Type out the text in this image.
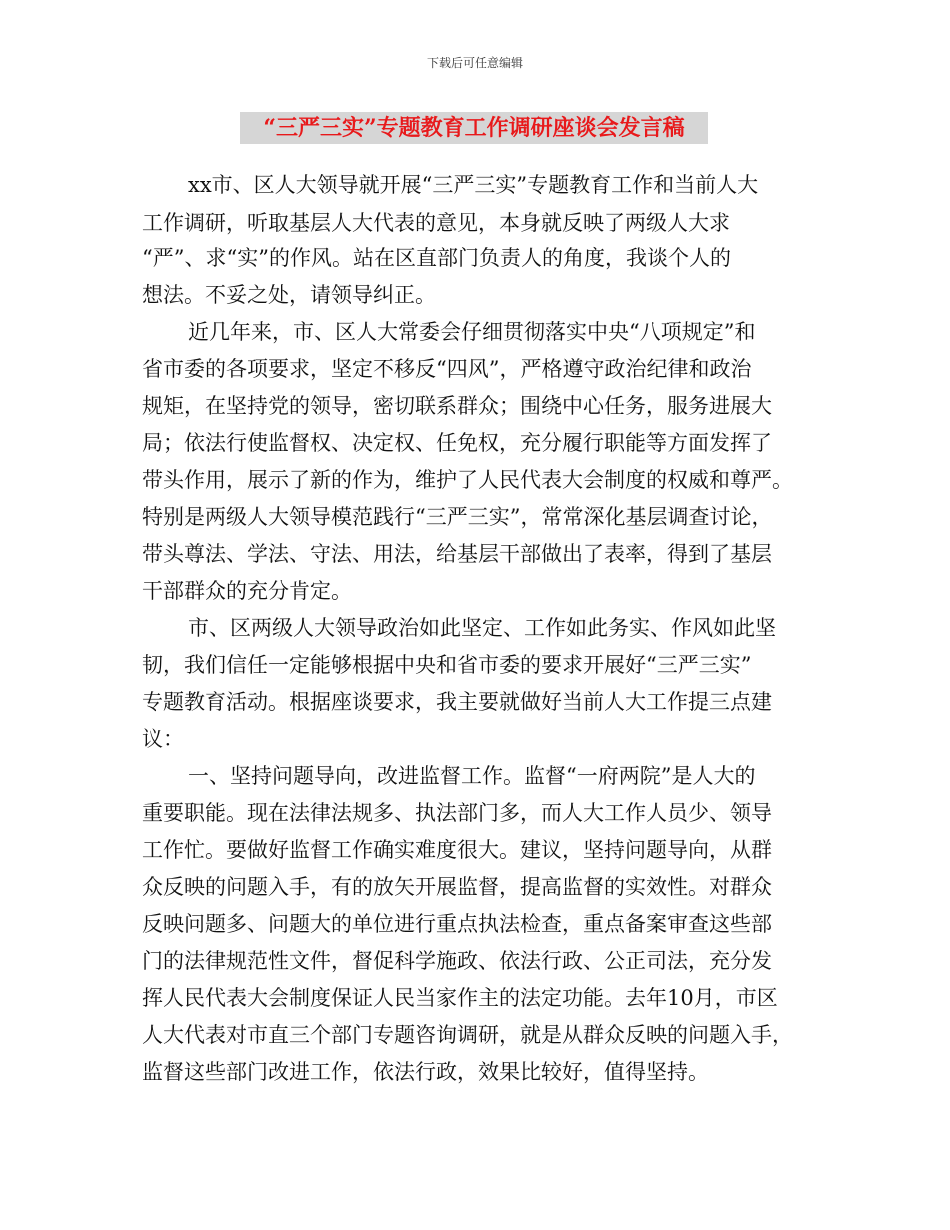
下载后可任意编辑
“三严三实”专题教育工作调研座谈会发言稿
xx市、区人大领导就开展“三严三实”专题教育工作和当前人大
工作调研，听取基层人大代表的意见，本身就反映了两级人大求
“严”、求“实”的作风。站在区直部门负责人的角度，我谈个人的
想法。不妥之处，请领导纠正。
近几年来，市、区人大常委会仔细贯彻落实中央“八项规定”和
省市委的各项要求，坚定不移反“四风”，严格遵守政治纪律和政治
规矩，在坚持党的领导，密切联系群众；围绕中心任务，服务进展大
局；依法行使监督权、决定权、任免权，充分履行职能等方面发挥了
带头作用，展示了新的作为，维护了人民代表大会制度的权威和尊严。
特别是两级人大领导模范践行“三严三实”，常常深化基层调查讨论，
带头尊法、学法、守法、用法，给基层干部做出了表率，得到了基层
干部群众的充分肯定。
市、区两级人大领导政治如此坚定、工作如此务实、作风如此坚
韧，我们信任一定能够根据中央和省市委的要求开展好“三严三实”
专题教育活动。根据座谈要求，我主要就做好当前人大工作提三点建
议：
一、坚持问题导向，改进监督工作。监督“一府两院”是人大的
重要职能。现在法律法规多、执法部门多，而人大工作人员少、领导
工作忙。要做好监督工作确实难度很大。建议，坚持问题导向，从群
众反映的问题入手，有的放矢开展监督，提高监督的实效性。对群众
反映问题多、问题大的单位进行重点执法检查，重点备案审查这些部
门的法律规范性文件，督促科学施政、依法行政、公正司法，充分发
挥人民代表大会制度保证人民当家作主的法定功能。去年10月，市区
人大代表对市直三个部门专题咨询调研，就是从群众反映的问题入手，
监督这些部门改进工作，依法行政，效果比较好，值得坚持。
